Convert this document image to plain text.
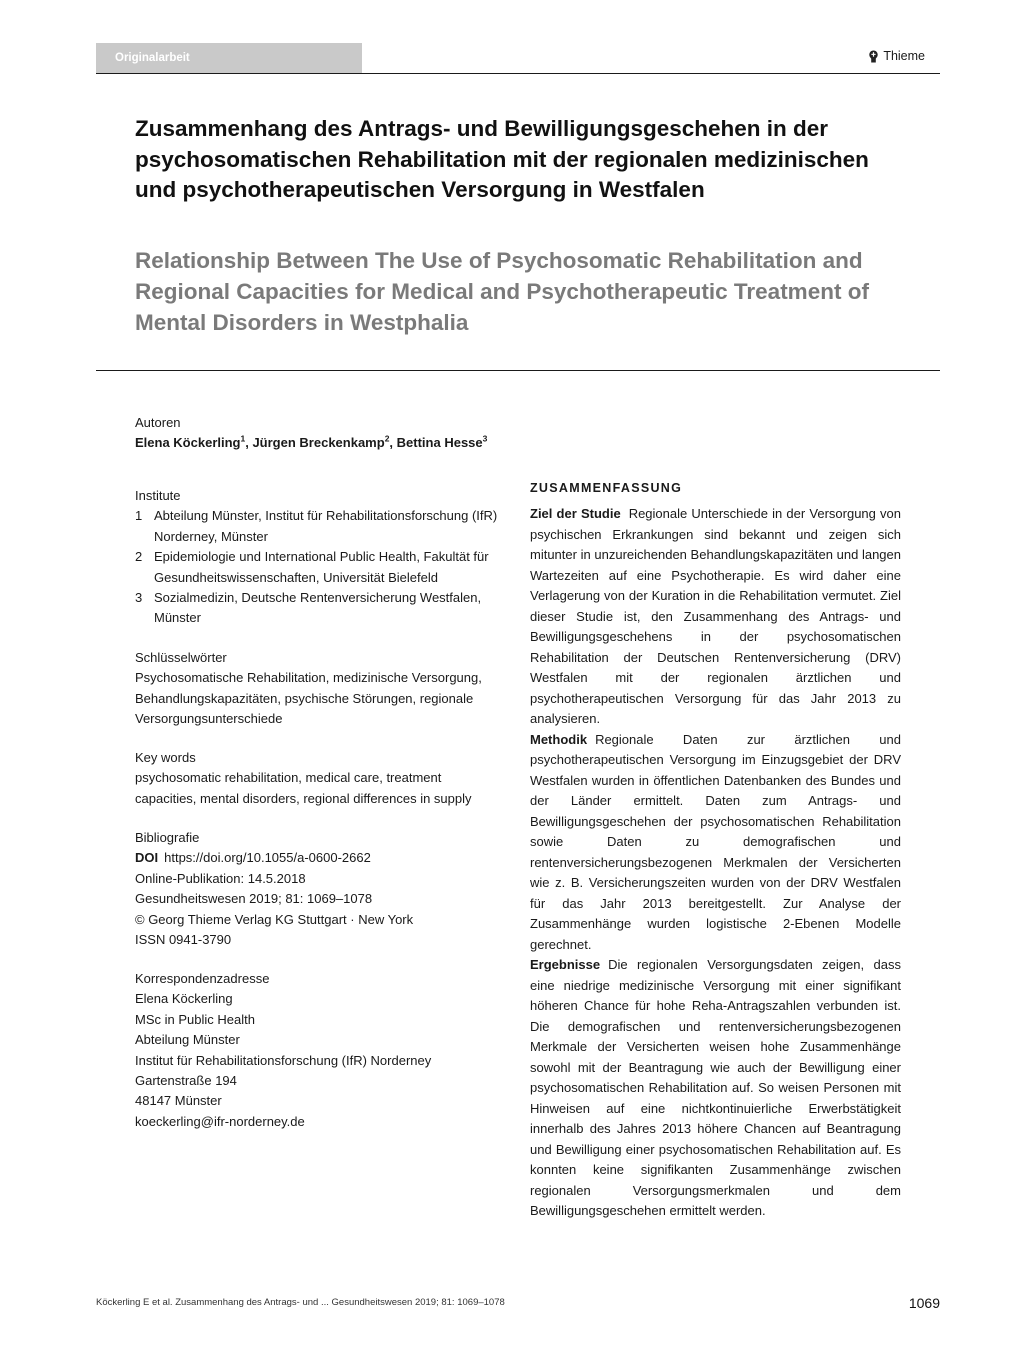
Originalarbeit	Thieme
Zusammenhang des Antrags- und Bewilligungsgeschehen in der psychosomatischen Rehabilitation mit der regionalen medizinischen und psychotherapeutischen Versorgung in Westfalen
Relationship Between The Use of Psychosomatic Rehabilitation and Regional Capacities for Medical and Psychotherapeutic Treatment of Mental Disorders in Westphalia
Autoren
Elena Köckerling$^1$, Jürgen Breckenkamp$^2$, Bettina Hesse$^3$
Institute
1 Abteilung Münster, Institut für Rehabilitationsforschung (IfR) Norderney, Münster
2 Epidemiologie und International Public Health, Fakultät für Gesundheitswissenschaften, Universität Bielefeld
3 Sozialmedizin, Deutsche Rentenversicherung Westfalen, Münster
Schlüsselwörter

Psychosomatische Rehabilitation, medizinische Versorgung, Behandlungskapazitäten, psychische Störungen, regionale Versorgungsunterschiede

Key words

psychosomatic rehabilitation, medical care, treatment capacities, mental disorders, regional differences in supply

Bibliografie
DOI https://doi.org/10.1055/a-0600-2662
Online-Publikation: 14.5.2018
Gesundheitswesen 2019; 81: 1069–1078
© Georg Thieme Verlag KG Stuttgart · New York
ISSN 0941-3790
Korrespondenzadresse
Elena Köckerling
MSc in Public Health
Abteilung Münster
Institut für Rehabilitationsforschung (IfR) Norderney
Gartenstraße 194
48147 Münster
koeckerling@ifr-norderney.de
ZUSAMMENFASSUNG

Ziel der Studie Regionale Unterschiede in der Versorgung von psychischen Erkrankungen sind bekannt und zeigen sich mitunter in unzureichenden Behandlungskapazitäten und langen Wartezeiten auf eine Psychotherapie. Es wird daher eine Verlagerung von der Kuration in die Rehabilitation vermutet. Ziel dieser Studie ist, den Zusammenhang des Antrags- und Bewilligungsgeschehens in der psychosomatischen Rehabilitation der Deutschen Rentenversicherung (DRV) Westfalen mit der regionalen ärztlichen und psychotherapeutischen Versorgung für das Jahr 2013 zu analysieren.

Methodik Regionale Daten zur ärztlichen und psychotherapeutischen Versorgung im Einzugsgebiet der DRV Westfalen wurden in öffentlichen Datenbanken des Bundes und der Länder ermittelt. Daten zum Antrags- und Bewilligungsgeschehen der psychosomatischen Rehabilitation sowie Daten zu demografischen und rentenversicherungsbezogenen Merkmalen der Versicherten wie z. B. Versicherungszeiten wurden von der DRV Westfalen für das Jahr 2013 bereitgestellt. Zur Analyse der Zusammenhänge wurden logistische 2-Ebenen Modelle gerechnet.

Ergebnisse Die regionalen Versorgungsdaten zeigen, dass eine niedrige medizinische Versorgung mit einer signifikant höheren Chance für hohe Reha-Antragszahlen verbunden ist. Die demografischen und rentenversicherungsbezogenen Merkmale der Versicherten weisen hohe Zusammenhänge sowohl mit der Beantragung wie auch der Bewilligung einer psychosomatischen Rehabilitation auf. So weisen Personen mit Hinweisen auf eine nichtkontinuierliche Erwerbstätigkeit innerhalb des Jahres 2013 höhere Chancen auf Beantragung und Bewilligung einer psychosomatischen Rehabilitation auf. Es konnten keine signifikanten Zusammenhänge zwischen regionalen Versorgungsmerkmalen und dem Bewilligungsgeschehen ermittelt werden.

Köckerling E et al. Zusammenhang des Antrags- und ... Gesundheitswesen 2019; 81: 1069–1078	1069
